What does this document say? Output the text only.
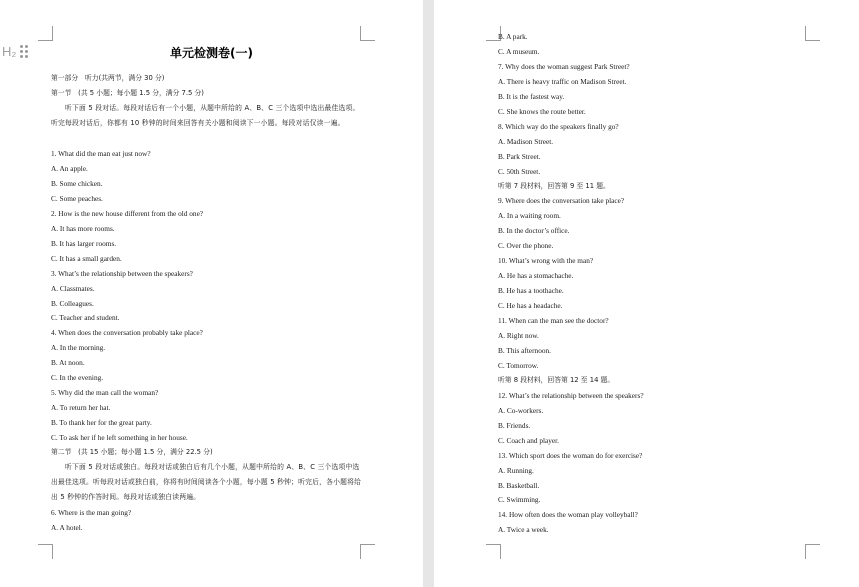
H₂	单元检测卷(一)
第一部分　听力(共两节，满分 30 分)
第一节　(共 5 小题；每小题 1.5 分，满分 7.5 分)
听下面 5 段对话。每段对话后有一个小题，从题中所给的 A、B、C 三个选项中选出最佳选项。听完每段对话后，你都有 10 秒钟的时间来回答有关小题和阅读下一小题。每段对话仅读一遍。
1. What did the man eat just now?
A. An apple.
B. Some chicken.
C. Some peaches.
2. How is the new house different from the old one?
A. It has more rooms.
B. It has larger rooms.
C. It has a small garden.
3. What’s the relationship between the speakers?
A. Classmates.
B. Colleagues.
C. Teacher and student.
4. When does the conversation probably take place?
A. In the morning.
B. At noon.
C. In the evening.
5. Why did the man call the woman?
A. To return her hat.
B. To thank her for the great party.
C. To ask her if he left something in her house.
第二节　(共 15 小题；每小题 1.5 分，满分 22.5 分)
听下面 5 段对话或独白。每段对话或独白后有几个小题，从题中所给的 A、B、C 三个选项中选出最佳选项。听每段对话或独白前，你将有时间阅读各个小题，每小题 5 秒钟；听完后，各小题将给出 5 秒钟的作答时间。每段对话或独白读两遍。
6. Where is the man going?
A. A hotel.
B. A park.
C. A museum.
7. Why does the woman suggest Park Street?
A. There is heavy traffic on Madison Street.
B. It is the fastest way.
C. She knows the route better.
8. Which way do the speakers finally go?
A. Madison Street.
B. Park Street.
C. 50th Street.
听第 7 段材料，回答第 9 至 11 题。
9. Where does the conversation take place?
A. In a waiting room.
B. In the doctor’s office.
C. Over the phone.
10. What’s wrong with the man?
A. He has a stomachache.
B. He has a toothache.
C. He has a headache.
11. When can the man see the doctor?
A. Right now.
B. This afternoon.
C. Tomorrow.
听第 8 段材料，回答第 12 至 14 题。
12. What’s the relationship between the speakers?
A. Co-workers.
B. Friends.
C. Coach and player.
13. Which sport does the woman do for exercise?
A. Running.
B. Basketball.
C. Swimming.
14. How often does the woman play volleyball?
A. Twice a week.
